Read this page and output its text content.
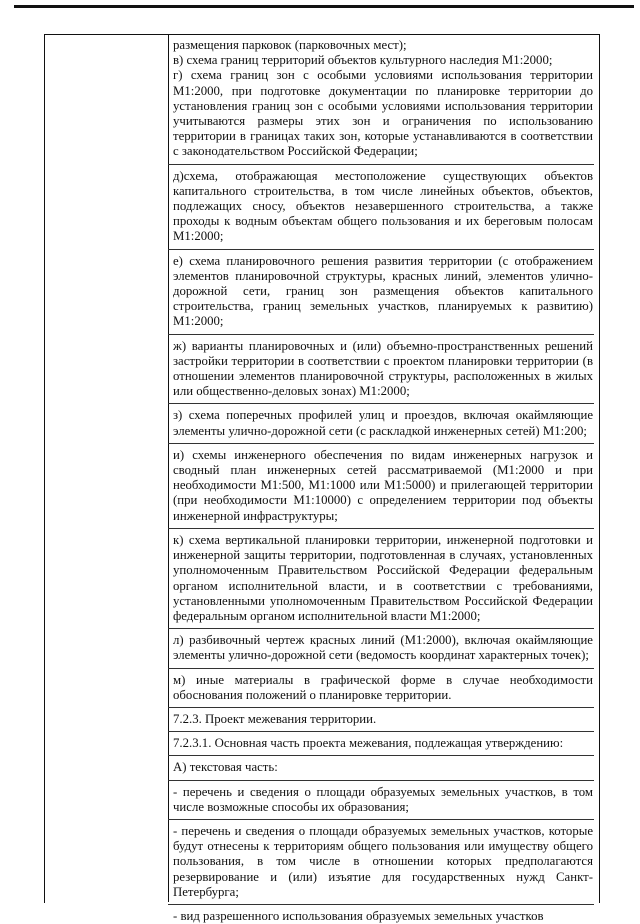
размещения парковок (парковочных мест);

в) схема границ территорий объектов культурного наследия М1:2000;

г) схема границ зон с особыми условиями использования территории М1:2000, при подготовке документации по планировке территории до установления границ зон с особыми условиями использования территории учитываются размеры этих зон и ограничения по использованию территории в границах таких зон, которые устанавливаются в соответствии с законодательством Российской Федерации;

д)схема, отображающая местоположение существующих объектов капитального строительства, в том числе линейных объектов, объектов, подлежащих сносу, объектов незавершенного строительства, а также проходы к водным объектам общего пользования и их береговым полосам М1:2000;

е) схема планировочного решения развития территории (с отображением элементов планировочной структуры, красных линий, элементов улично-дорожной сети, границ зон размещения объектов капитального строительства, границ земельных участков, планируемых к развитию) М1:2000;

ж) варианты планировочных и (или) объемно-пространственных решений застройки территории в соответствии с проектом планировки территории (в отношении элементов планировочной структуры, расположенных в жилых или общественно-деловых зонах) М1:2000;

з) схема поперечных профилей улиц и проездов, включая окаймляющие элементы улично-дорожной сети (с раскладкой инженерных сетей) М1:200;

и) схемы инженерного обеспечения по видам инженерных нагрузок и сводный план инженерных сетей рассматриваемой (М1:2000 и при необходимости М1:500, М1:1000 или М1:5000) и прилегающей территории (при необходимости М1:10000) с определением территории под объекты инженерной инфраструктуры;

к) схема вертикальной планировки территории, инженерной подготовки и инженерной защиты территории, подготовленная в случаях, установленных уполномоченным Правительством Российской Федерации федеральным органом исполнительной власти, и в соответствии с требованиями, установленными уполномоченным Правительством Российской Федерации федеральным органом исполнительной власти М1:2000;

л) разбивочный чертеж красных линий (М1:2000), включая окаймляющие элементы улично-дорожной сети (ведомость координат характерных точек);

м) иные материалы в графической форме в случае необходимости обоснования положений о планировке территории.

7.2.3. Проект межевания территории.

7.2.3.1. Основная часть проекта межевания, подлежащая утверждению:

А) текстовая часть:

- перечень и сведения о площади образуемых земельных участков, в том числе возможные способы их образования;

- перечень и сведения о площади образуемых земельных участков, которые будут отнесены к территориям общего пользования или имуществу общего пользования, в том числе в отношении которых предполагаются резервирование и (или) изъятие для государственных нужд Санкт-Петербурга;

- вид разрешенного использования образуемых земельных участков
